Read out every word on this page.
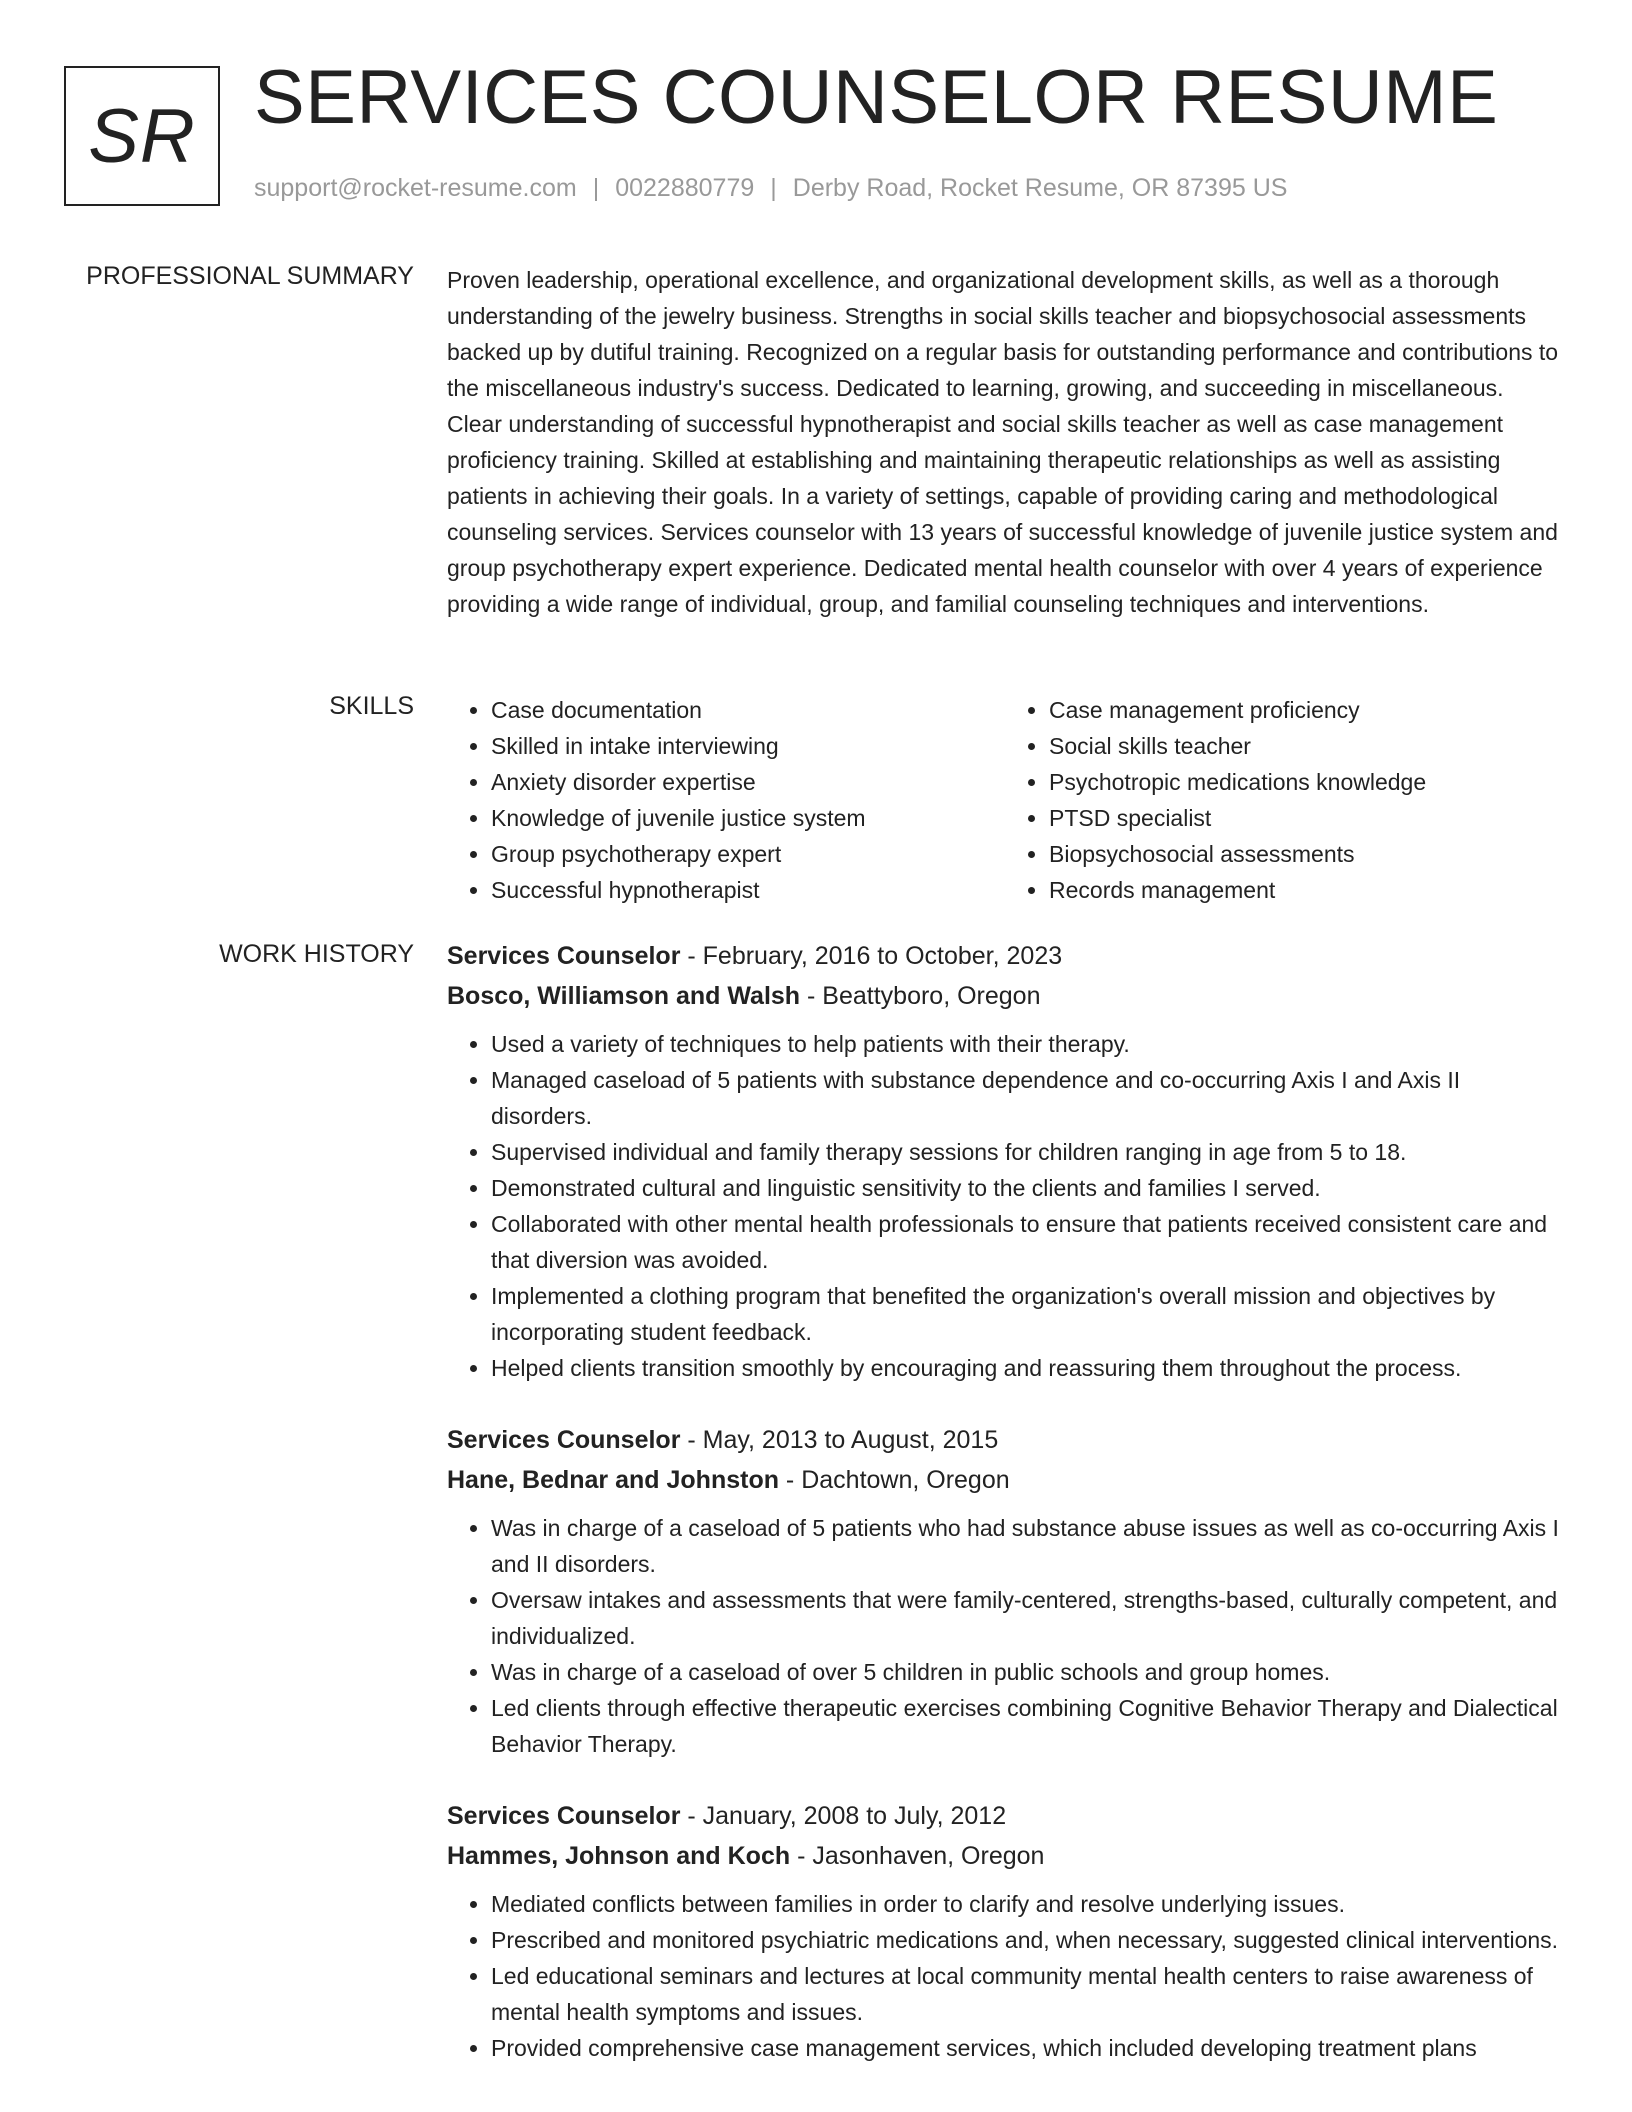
SR SERVICES COUNSELOR RESUME
support@rocket-resume.com | 0022880779 | Derby Road, Rocket Resume, OR 87395 US
PROFESSIONAL SUMMARY Proven leadership, operational excellence, and organizational development skills, as well as a thorough understanding of the jewelry business. Strengths in social skills teacher and biopsychosocial assessments backed up by dutiful training. Recognized on a regular basis for outstanding performance and contributions to the miscellaneous industry's success. Dedicated to learning, growing, and succeeding in miscellaneous. Clear understanding of successful hypnotherapist and social skills teacher as well as case management proficiency training. Skilled at establishing and maintaining therapeutic relationships as well as assisting patients in achieving their goals. In a variety of settings, capable of providing caring and methodological counseling services. Services counselor with 13 years of successful knowledge of juvenile justice system and group psychotherapy expert experience. Dedicated mental health counselor with over 4 years of experience providing a wide range of individual, group, and familial counseling techniques and interventions.

SKILLS
•	Case documentation
• Skilled in intake interviewing
• Anxiety disorder expertise
• Knowledge of juvenile justice system
• Group psychotherapy expert
• Successful hypnotherapist
• Case management proficiency
• Social skills teacher
• Psychotropic medications knowledge
• PTSD specialist
• Biopsychosocial assessments
• Records management
WORK HISTORY Services Counselor - February, 2016 to October, 2023
Bosco, Williamson and Walsh - Beattyboro, Oregon
• Used a variety of techniques to help patients with their therapy.
• Managed caseload of 5 patients with substance dependence and co-occurring Axis I and Axis II disorders.
• Supervised individual and family therapy sessions for children ranging in age from 5 to 18.
• Demonstrated cultural and linguistic sensitivity to the clients and families I served.
• Collaborated with other mental health professionals to ensure that patients received consistent care and that diversion was avoided.
• Implemented a clothing program that benefited the organization's overall mission and objectives by incorporating student feedback.
• Helped clients transition smoothly by encouraging and reassuring them throughout the process.
Services Counselor - May, 2013 to August, 2015
Hane, Bednar and Johnston - Dachtown, Oregon
• Was in charge of a caseload of 5 patients who had substance abuse issues as well as co-occurring Axis I and II disorders.
• Oversaw intakes and assessments that were family-centered, strengths-based, culturally competent, and individualized.
• Was in charge of a caseload of over 5 children in public schools and group homes.
• Led clients through effective therapeutic exercises combining Cognitive Behavior Therapy and Dialectical Behavior Therapy.
Services Counselor - January, 2008 to July, 2012
Hammes, Johnson and Koch - Jasonhaven, Oregon
• Mediated conflicts between families in order to clarify and resolve underlying issues.
• Prescribed and monitored psychiatric medications and, when necessary, suggested clinical interventions.
• Led educational seminars and lectures at local community mental health centers to raise awareness of mental health symptoms and issues.
• Provided comprehensive case management services, which included developing treatment plans
